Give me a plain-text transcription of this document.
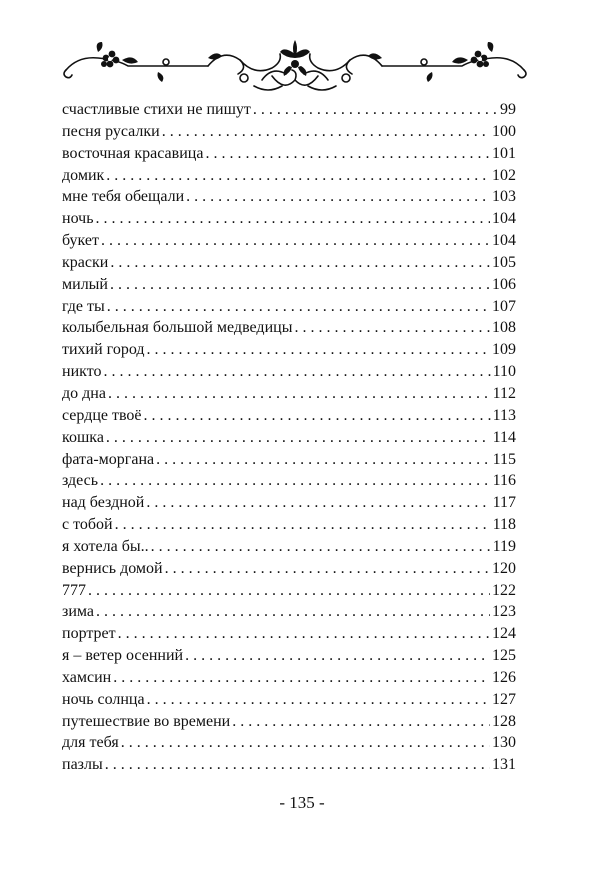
счастливые стихи не пишут . . .	99
песня русалки . . .	100
восточная красавица . . .	101
домик . . .	102
мне тебя обещали . . .	103
ночь . . .	104
букет . . .	104
краски . . .	105
милый . . .	106
где ты . . .	107
колыбельная большой медведицы . . .	108
тихий город . . .	109
никто . . .	110
до дна . . .	112
сердце твоё . . .	113
кошка . . .	114
фата-моргана . . .	115
здесь . . .	116
над бездной . . .	117
с тобой . . .	118
я хотела бы.. . . .	119
вернись домой . . .	120
777 . . .	122
зима . . .	123
портрет . . .	124
я – ветер осенний . . .	125
хамсин . . .	126
ночь солнца . . .	127
путешествие во времени . . .	128
для тебя . . .	130
пазлы . . .	131
- 135 -
